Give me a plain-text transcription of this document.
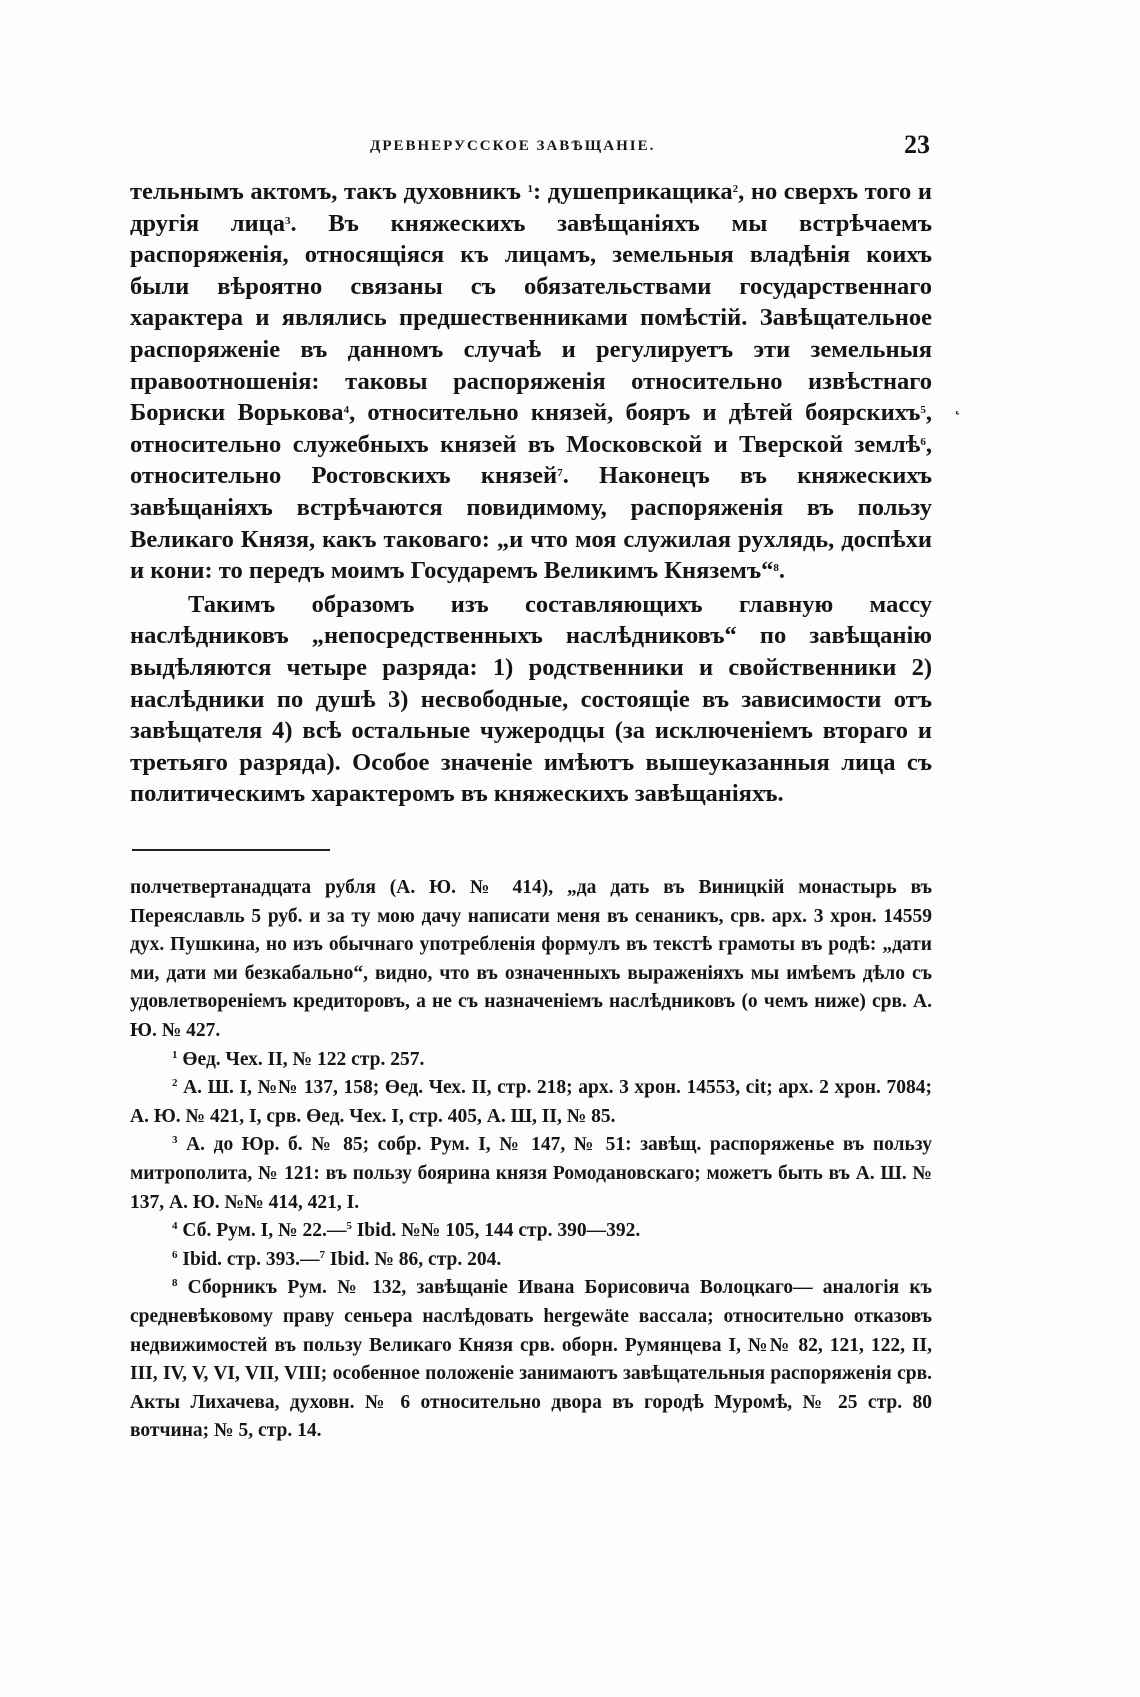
ДРЕВНЕРУССКОЕ ЗАВѢЩАНІЕ.	23

тельнымъ актомъ, такъ духовникъ $^1$: душеприкащика$^2$, но сверхъ того и другія лица$^3$. Въ княжескихъ завѣщаніяхъ мы встрѣчаемъ распоряженія, относящіяся къ лицамъ, земельныя владѣнія коихъ были вѣроятно связаны съ обязательствами государственнаго характера и являлись предшественниками помѣстій. Завѣщательное распоряженіе въ данномъ случаѣ и регулируетъ эти земельныя правоотношенія: таковы распоряженія относительно извѣстнаго Бориски Ворькова$^4$, относительно князей, бояръ и дѣтей боярскихъ$^5$, относительно служебныхъ князей въ Московской и Тверской землѣ$^6$, относительно Ростовскихъ князей$^7$. Наконецъ въ княжескихъ завѣщаніяхъ встрѣчаются повидимому, распоряженія въ пользу Великаго Князя, какъ таковаго: „и что моя служилая рухлядь, доспѣхи и кони: то передъ моимъ Государемъ Великимъ Княземъ“$^8$.

Такимъ образомъ изъ составляющихъ главную массу наслѣдниковъ „непосредственныхъ наслѣдниковъ“ по завѣщанію выдѣляются четыре разряда: 1) родственники и свойственники 2) наслѣдники по душѣ 3) несвободные, состоящіе въ зависимости отъ завѣщателя 4) всѣ остальные чужеродцы (за исключеніемъ втораго и третьяго разряда). Особое значеніе имѣютъ вышеуказанныя лица съ политическимъ характеромъ въ княжескихъ завѣщаніяхъ.

˛

полчетвертанадцата рубля (А. Ю. № 414), „да дать въ Виницкій монастырь въ Переяславль 5 руб. и за ту мою дачу написати меня въ сенаникъ, срв. арх. 3 хрон. 14559 дух. Пушкина, но изъ обычнаго употребленія формулъ въ текстѣ грамоты въ родѣ: „дати ми, дати ми безкабально“, видно, что въ означенныхъ выраженіяхъ мы имѣемъ дѣло съ удовлетвореніемъ кредиторовъ, а не съ назначеніемъ наслѣдниковъ (о чемъ ниже) срв. А. Ю. № 427.

$^1$ Өед. Чех. II, № 122 стр. 257.

$^2$ А. Ш. I, №№ 137, 158; Өед. Чех. II, стр. 218; арх. 3 хрон. 14553, cit; арх. 2 хрон. 7084; А. Ю. № 421, I, срв. Өед. Чех. I, стр. 405, А. Ш, II, № 85.

$^3$ А. до Юр. б. № 85; собр. Рум. I, № 147, № 51: завѣщ. распоряженье въ пользу митрополита, № 121: въ пользу боярина князя Ромодановскаго; можетъ быть въ А. Ш. № 137, А. Ю. №№ 414, 421, I.

$^4$ Сб. Рум. I, № 22.—$^5$ Ibid. №№ 105, 144 стр. 390—392.

$^6$ Ibid. стр. 393.—$^7$ Ibid. № 86, стр. 204.

$^8$ Сборникъ Рум. № 132, завѣщаніе Ивана Борисовича Волоцкаго— аналогія къ средневѣковому праву сеньера наслѣдовать hergewäte вассала; относительно отказовъ недвижимостей въ пользу Великаго Князя срв. оборн. Румянцева I, №№ 82, 121, 122, II, III, IV, V, VI, VII, VIII; особенное положеніе занимаютъ завѣщательныя распоряженія срв. Акты Лихачева, духовн. № 6 относительно двора въ городѣ Муромѣ, № 25 стр. 80 вотчина; № 5, стр. 14.
